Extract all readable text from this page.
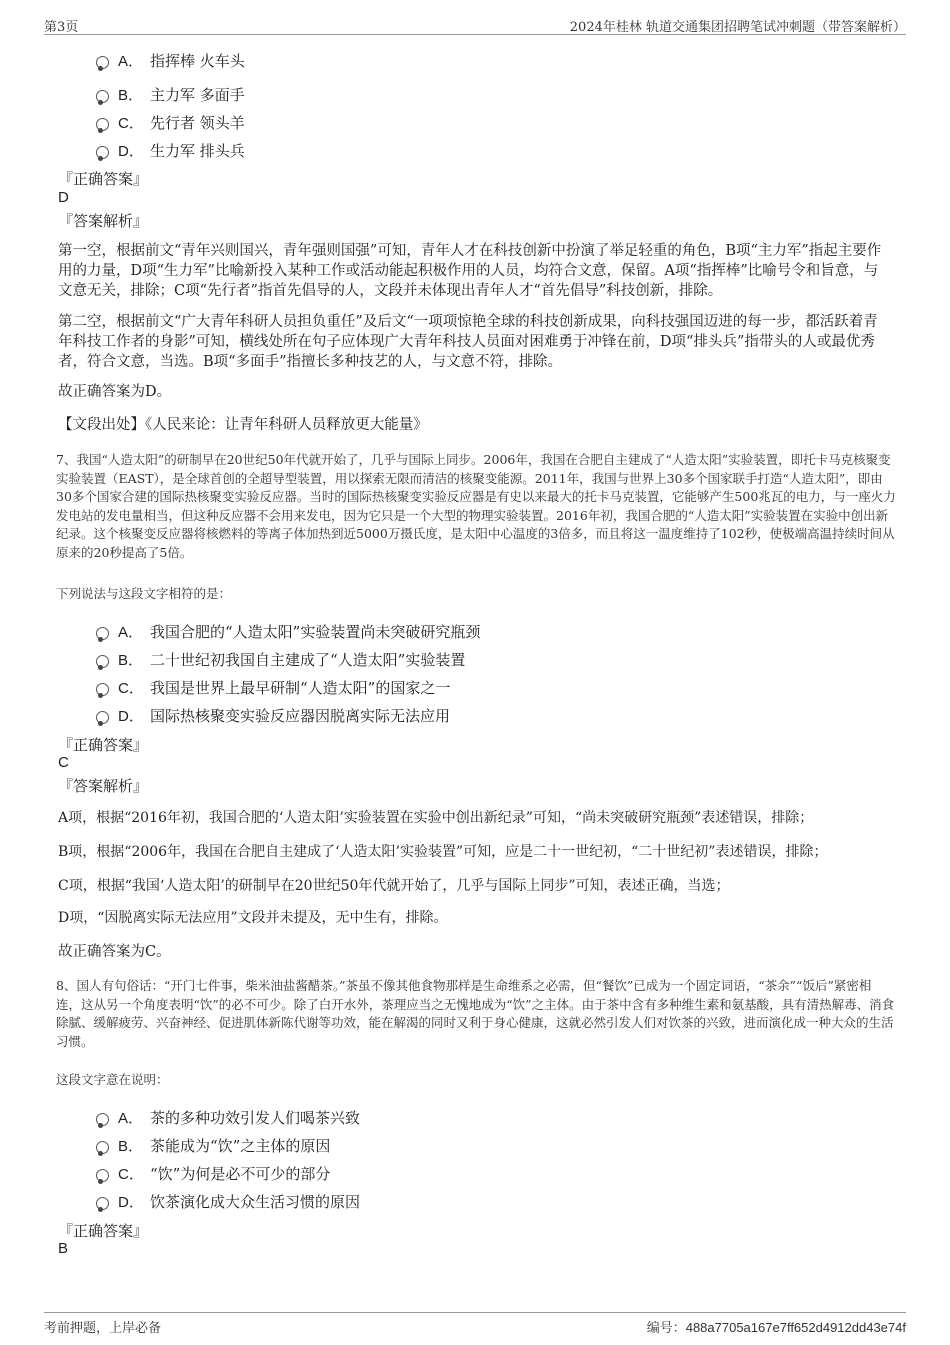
第3页	2024年桂林 轨道交通集团招聘笔试冲刺题（带答案解析）
A． 指挥棒 火车头
B． 主力军 多面手
C． 先行者 领头羊
D． 生力军 排头兵
『正确答案』
D
『答案解析』
第一空，根据前文“青年兴则国兴，青年强则国强”可知，青年人才在科技创新中扮演了举足轻重的角色，B项“主力军”指起主要作用的力量，D项“生力军”比喻新投入某种工作或活动能起积极作用的人员，均符合文意，保留。A项“指挥棒”比喻号令和旨意，与文意无关，排除；C项“先行者”指首先倡导的人，文段并未体现出青年人才“首先倡导”科技创新，排除。
第二空，根据前文“广大青年科研人员担负重任”及后文“一项项惊艳全球的科技创新成果，向科技强国迈进的每一步，都活跃着青年科技工作者的身影”可知，横线处所在句子应体现广大青年科技人员面对困难勇于冲锋在前，D项“排头兵”指带头的人或最优秀者，符合文意，当选。B项“多面手”指擅长多种技艺的人，与文意不符，排除。
故正确答案为D。
【文段出处】《人民来论：让青年科研人员释放更大能量》
7、我国“人造太阳”的研制早在20世纪50年代就开始了，几乎与国际上同步。2006年，我国在合肥自主建成了“人造太阳”实验装置，即托卡马克核聚变实验装置（EAST），是全球首创的全超导型装置，用以探索无限而清洁的核聚变能源。2011年，我国与世界上30多个国家联手打造“人造太阳”，即由30多个国家合建的国际热核聚变实验反应器。当时的国际热核聚变实验反应器是有史以来最大的托卡马克装置，它能够产生500兆瓦的电力，与一座火力发电站的发电量相当，但这种反应器不会用来发电，因为它只是一个大型的物理实验装置。2016年初，我国合肥的“人造太阳”实验装置在实验中创出新纪录。这个核聚变反应器将核燃料的等离子体加热到近5000万摄氏度，是太阳中心温度的3倍多，而且将这一温度维持了102秒，使极端高温持续时间从原来的20秒提高了5倍。
下列说法与这段文字相符的是：
A． 我国合肥的“人造太阳”实验装置尚未突破研究瓶颈
B． 二十世纪初我国自主建成了“人造太阳”实验装置
C． 我国是世界上最早研制“人造太阳”的国家之一
D． 国际热核聚变实验反应器因脱离实际无法应用
『正确答案』
C
『答案解析』
A项，根据“2016年初，我国合肥的‘人造太阳’实验装置在实验中创出新纪录”可知，“尚未突破研究瓶颈”表述错误，排除；
B项，根据“2006年，我国在合肥自主建成了‘人造太阳’实验装置”可知，应是二十一世纪初，“二十世纪初”表述错误，排除；
C项，根据“我国‘人造太阳’的研制早在20世纪50年代就开始了，几乎与国际上同步”可知，表述正确，当选；
D项，“因脱离实际无法应用”文段并未提及，无中生有，排除。
故正确答案为C。
8、国人有句俗话：“开门七件事，柴米油盐酱醋茶。”茶虽不像其他食物那样是生命维系之必需，但“餐饮”已成为一个固定词语，“茶余”“饭后”紧密相连，这从另一个角度表明“饮”的必不可少。除了白开水外，茶理应当之无愧地成为“饮”之主体。由于茶中含有多种维生素和氨基酸，具有清热解毒、消食除腻、缓解疲劳、兴奋神经、促进肌体新陈代谢等功效，能在解渴的同时又利于身心健康，这就必然引发人们对饮茶的兴致，进而演化成一种大众的生活习惯。
这段文字意在说明：
A． 茶的多种功效引发人们喝茶兴致
B． 茶能成为“饮”之主体的原因
C． “饮”为何是必不可少的部分
D． 饮茶演化成大众生活习惯的原因
『正确答案』
B
考前押题，上岸必备	编号：488a7705a167e7ff652d4912dd43e74f
